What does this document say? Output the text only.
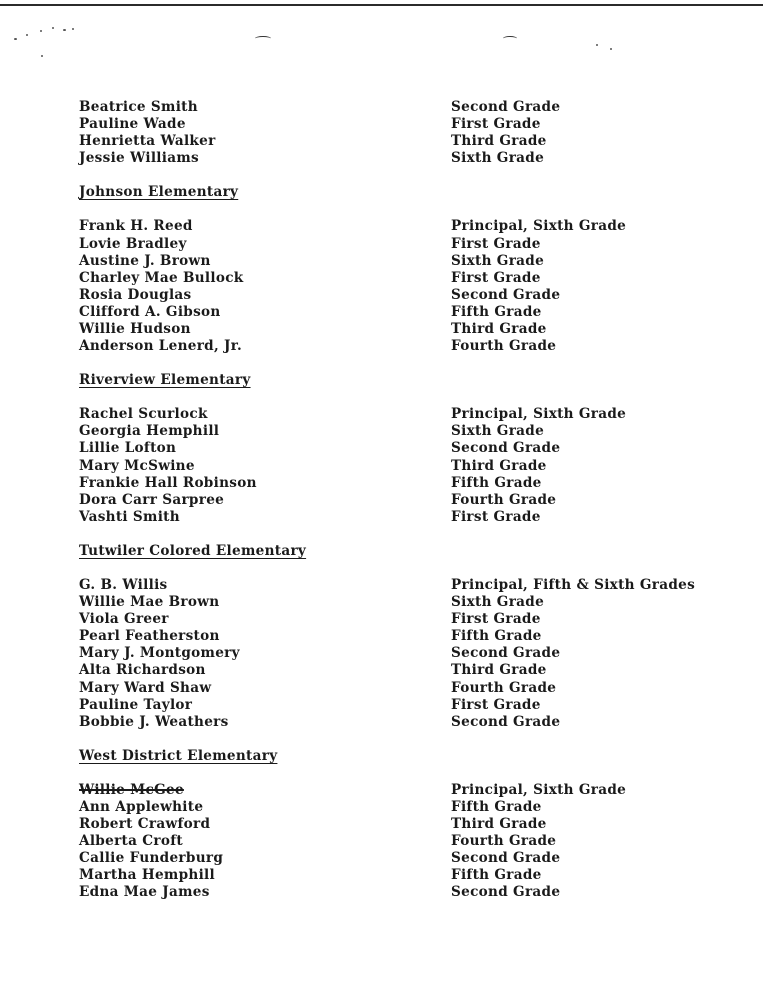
Beatrice Smith	Second Grade
Pauline Wade	First Grade
Henrietta Walker	Third Grade
Jessie Williams	Sixth Grade
Johnson Elementary
Frank H. Reed	Principal, Sixth Grade
Lovie Bradley	First Grade
Austine J. Brown	Sixth Grade
Charley Mae Bullock	First Grade
Rosia Douglas	Second Grade
Clifford A. Gibson	Fifth Grade
Willie Hudson	Third Grade
Anderson Lenerd, Jr.	Fourth Grade
Riverview Elementary
Rachel Scurlock	Principal, Sixth Grade
Georgia Hemphill	Sixth Grade
Lillie Lofton	Second Grade
Mary McSwine	Third Grade
Frankie Hall Robinson	Fifth Grade
Dora Carr Sarpree	Fourth Grade
Vashti Smith	First Grade
Tutwiler Colored Elementary
G. B. Willis	Principal, Fifth & Sixth Grades
Willie Mae Brown	Sixth Grade
Viola Greer	First Grade
Pearl Featherston	Fifth Grade
Mary J. Montgomery	Second Grade
Alta Richardson	Third Grade
Mary Ward Shaw	Fourth Grade
Pauline Taylor	First Grade
Bobbie J. Weathers	Second Grade
West District Elementary
Willie McGee	Principal, Sixth Grade
Ann Applewhite	Fifth Grade
Robert Crawford	Third Grade
Alberta Croft	Fourth Grade
Callie Funderburg	Second Grade
Martha Hemphill	Fifth Grade
Edna Mae James	Second Grade
